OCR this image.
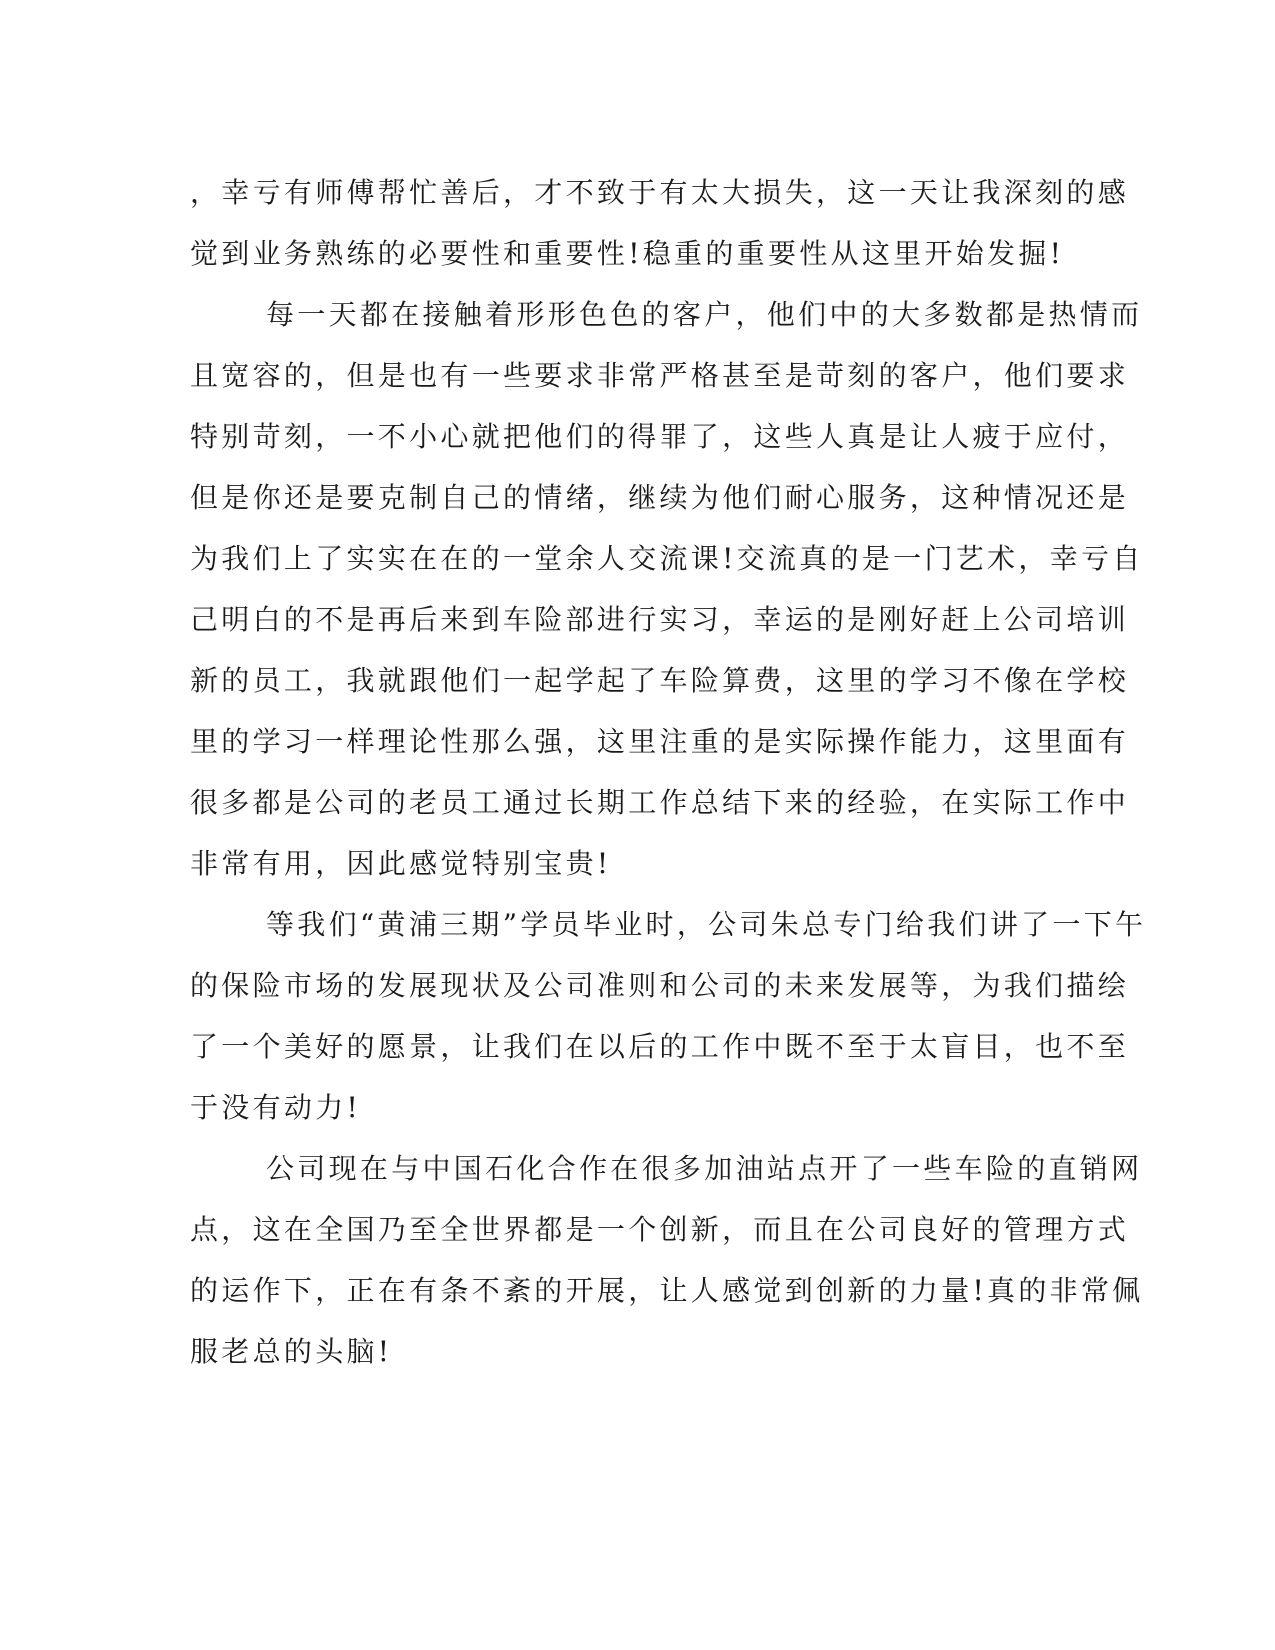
，幸亏有师傅帮忙善后，才不致于有太大损失，这一天让我深刻的感
觉到业务熟练的必要性和重要性!稳重的重要性从这里开始发掘!
每一天都在接触着形形色色的客户，他们中的大多数都是热情而
且宽容的，但是也有一些要求非常严格甚至是苛刻的客户，他们要求
特别苛刻，一不小心就把他们的得罪了，这些人真是让人疲于应付，
但是你还是要克制自己的情绪，继续为他们耐心服务，这种情况还是
为我们上了实实在在的一堂余人交流课!交流真的是一门艺术，幸亏自
己明白的不是再后来到车险部进行实习，幸运的是刚好赶上公司培训
新的员工，我就跟他们一起学起了车险算费，这里的学习不像在学校
里的学习一样理论性那么强，这里注重的是实际操作能力，这里面有
很多都是公司的老员工通过长期工作总结下来的经验，在实际工作中
非常有用，因此感觉特别宝贵!
等我们“黄浦三期”学员毕业时，公司朱总专门给我们讲了一下午
的保险市场的发展现状及公司准则和公司的未来发展等，为我们描绘
了一个美好的愿景，让我们在以后的工作中既不至于太盲目，也不至
于没有动力!
公司现在与中国石化合作在很多加油站点开了一些车险的直销网
点，这在全国乃至全世界都是一个创新，而且在公司良好的管理方式
的运作下，正在有条不紊的开展，让人感觉到创新的力量!真的非常佩
服老总的头脑!
